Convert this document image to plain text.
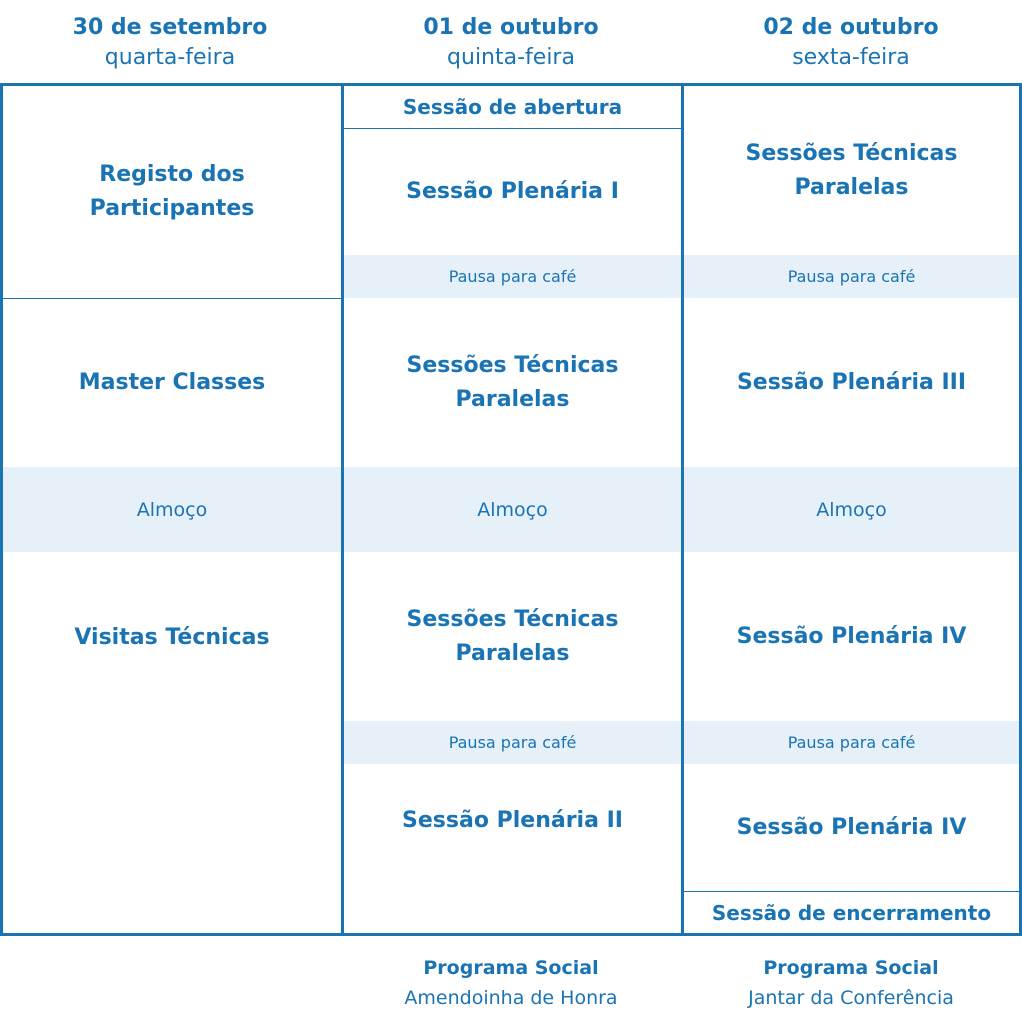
30 de setembro
quarta-feira
01 de outubro
quinta-feira
02 de outubro
sexta-feira
Registo dos Participantes
Master Classes
Almoço
Visitas Técnicas
Sessão de abertura
Sessão Plenária I
Pausa para café
Sessões Técnicas Paralelas
Almoço
Sessões Técnicas Paralelas
Pausa para café
Sessão Plenária II
Sessões Técnicas Paralelas
Pausa para café
Sessão Plenária III
Almoço
Sessão Plenária IV
Pausa para café
Sessão Plenária IV
Sessão de encerramento
Programa Social
Amendoinha de Honra
Programa Social
Jantar da Conferência
